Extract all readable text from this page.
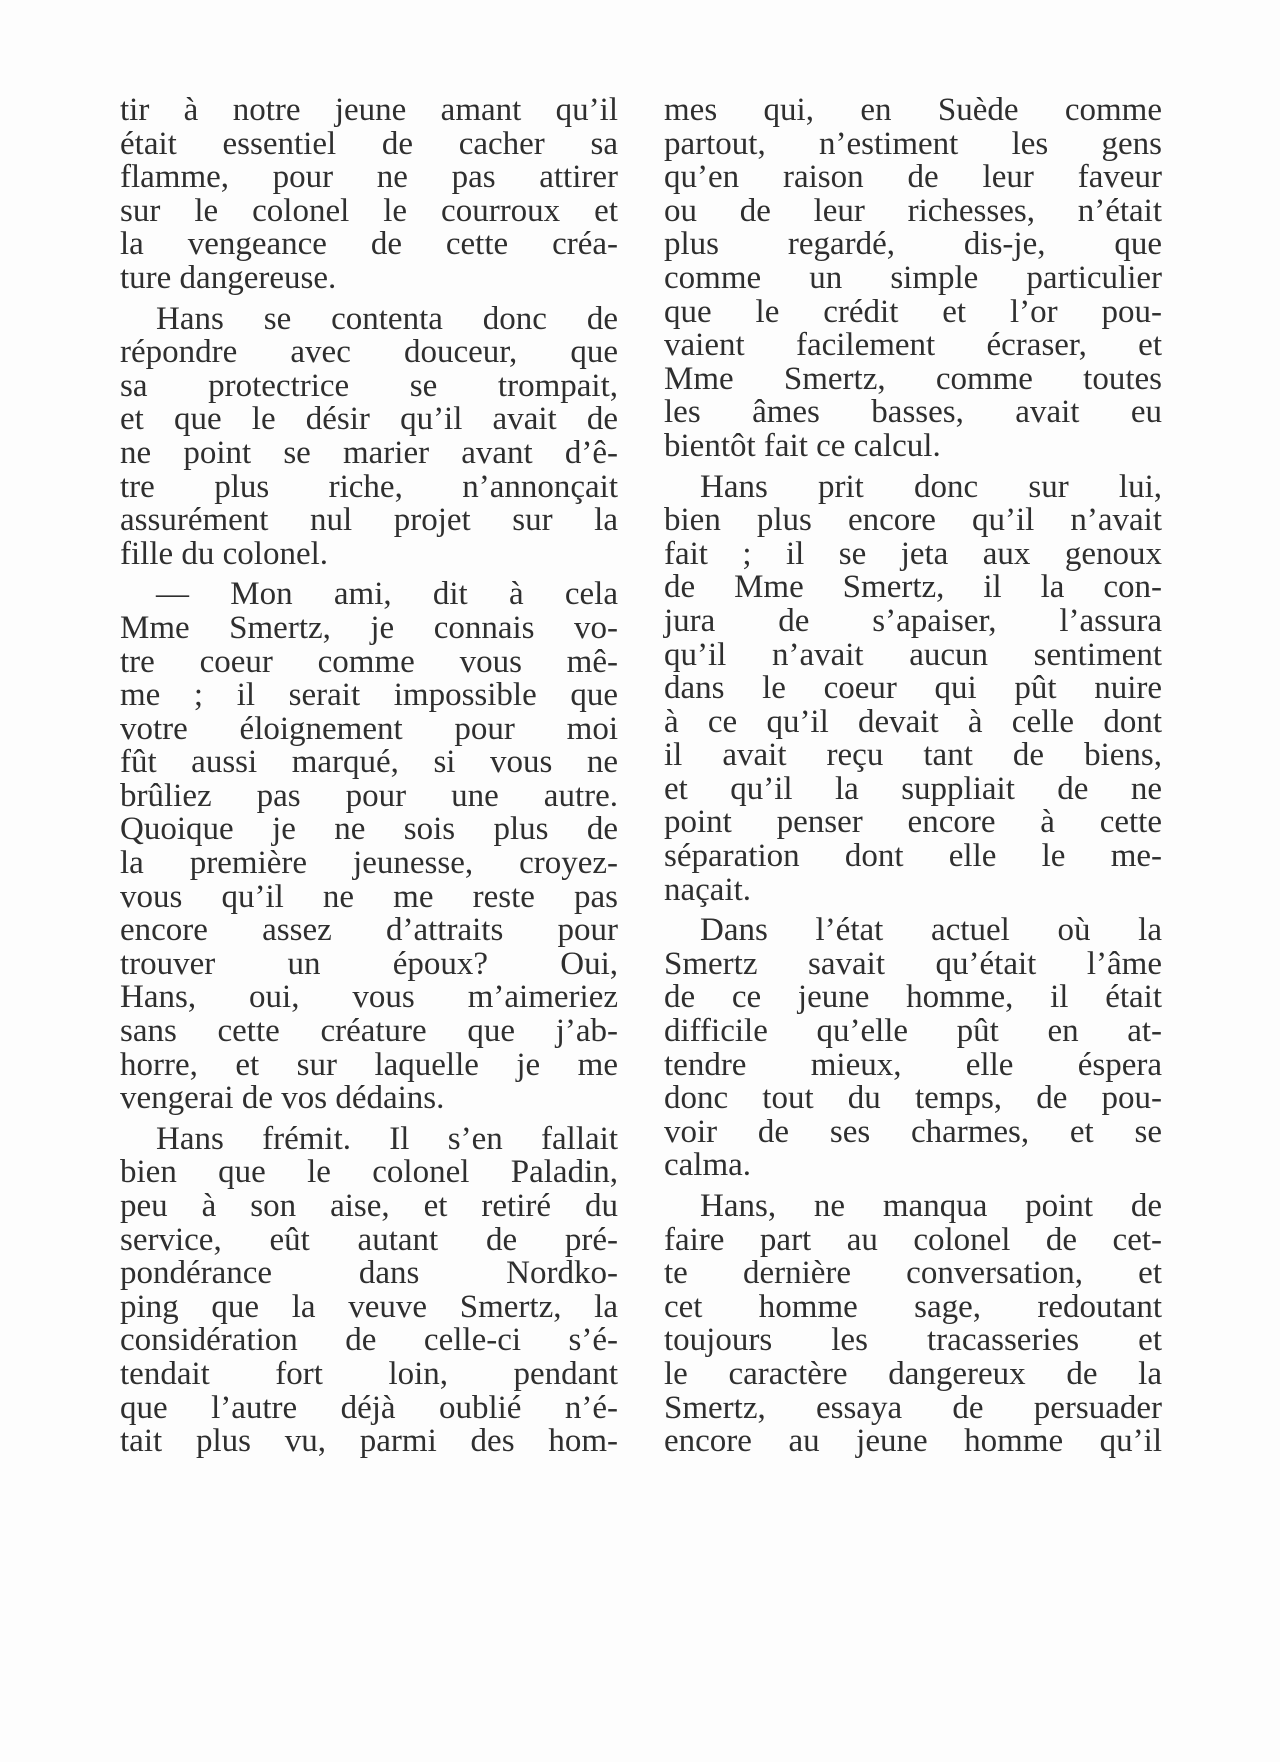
tir à notre jeune amant qu’il
était essentiel de cacher sa
flamme, pour ne pas attirer
sur le colonel le courroux et
la vengeance de cette créa-
ture dangereuse.
Hans se contenta donc de
répondre avec douceur, que
sa protectrice se trompait,
et que le désir qu’il avait de
ne point se marier avant d’ê-
tre plus riche, n’annonçait
assurément nul projet sur la
fille du colonel.
— Mon ami, dit à cela
Mme Smertz, je connais vo-
tre coeur comme vous mê-
me ; il serait impossible que
votre éloignement pour moi
fût aussi marqué, si vous ne
brûliez pas pour une autre.
Quoique je ne sois plus de
la première jeunesse, croyez-
vous qu’il ne me reste pas
encore assez d’attraits pour
trouver un époux? Oui,
Hans, oui, vous m’aimeriez
sans cette créature que j’ab-
horre, et sur laquelle je me
vengerai de vos dédains.
Hans frémit. Il s’en fallait
bien que le colonel Paladin,
peu à son aise, et retiré du
service, eût autant de pré-
pondérance dans Nordko-
ping que la veuve Smertz, la
considération de celle-ci s’é-
tendait fort loin, pendant
que l’autre déjà oublié n’é-
tait plus vu, parmi des hom-
mes qui, en Suède comme
partout, n’estiment les gens
qu’en raison de leur faveur
ou de leur richesses, n’était
plus regardé, dis-je, que
comme un simple particulier
que le crédit et l’or pou-
vaient facilement écraser, et
Mme Smertz, comme toutes
les âmes basses, avait eu
bientôt fait ce calcul.
Hans prit donc sur lui,
bien plus encore qu’il n’avait
fait ; il se jeta aux genoux
de Mme Smertz, il la con-
jura de s’apaiser, l’assura
qu’il n’avait aucun sentiment
dans le coeur qui pût nuire
à ce qu’il devait à celle dont
il avait reçu tant de biens,
et qu’il la suppliait de ne
point penser encore à cette
séparation dont elle le me-
naçait.
Dans l’état actuel où la
Smertz savait qu’était l’âme
de ce jeune homme, il était
difficile qu’elle pût en at-
tendre mieux, elle éspera
donc tout du temps, de pou-
voir de ses charmes, et se
calma.
Hans, ne manqua point de
faire part au colonel de cet-
te dernière conversation, et
cet homme sage, redoutant
toujours les tracasseries et
le caractère dangereux de la
Smertz, essaya de persuader
encore au jeune homme qu’il
